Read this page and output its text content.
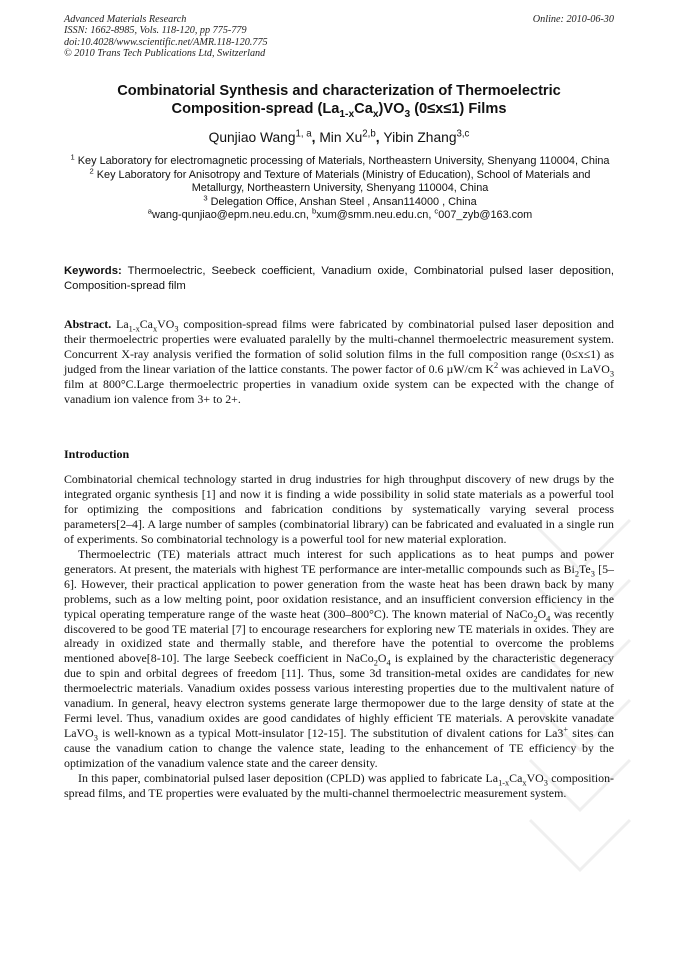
Advanced Materials Research
ISSN: 1662-8985, Vols. 118-120, pp 775-779
doi:10.4028/www.scientific.net/AMR.118-120.775
© 2010 Trans Tech Publications Ltd, Switzerland
Online: 2010-06-30
Combinatorial Synthesis and characterization of Thermoelectric
Composition-spread $(La_{1-x}Ca_x)VO_3$ (0≤x≤1) Films
Qunjiao Wang$^{1, a}$, Min Xu$^{2,b}$, Yibin Zhang$^{3,c}$

$^1$ Key Laboratory for electromagnetic processing of Materials, Northeastern University, Shenyang 110004, China

$^2$ Key Laboratory for Anisotropy and Texture of Materials (Ministry of Education), School of Materials and Metallurgy, Northeastern University, Shenyang 110004, China

$^3$ Delegation Office, Anshan Steel , Ansan114000 , China

$^a$wang-qunjiao@epm.neu.edu.cn, $^b$xum@smm.neu.edu.cn, $^c$007_zyb@163.com

Keywords: Thermoelectric, Seebeck coefficient, Vanadium oxide, Combinatorial pulsed laser deposition, Composition-spread film
Abstract. $La_{1-x}Ca_xVO_3$ composition-spread films were fabricated by combinatorial pulsed laser deposition and their thermoelectric properties were evaluated paralelly by the multi-channel thermoelectric measurement system. Concurrent X-ray analysis verified the formation of solid solution films in the full composition range (0≤x≤1) as judged from the linear variation of the lattice constants. The power factor of 0.6 µW/cm $K^2$ was achieved in LaVO$_3$ film at 800°C.Large thermoelectric properties in vanadium oxide system can be expected with the change of vanadium ion valence from 3+ to 2+.
Introduction

Combinatorial chemical technology started in drug industries for high throughput discovery of new drugs by the integrated organic synthesis [1] and now it is finding a wide possibility in solid state materials as a powerful tool for optimizing the compositions and fabrication conditions by systematically varying several process parameters[2–4]. A large number of samples (combinatorial library) can be fabricated and evaluated in a single run of experiments. So combinatorial technology is a powerful tool for new material exploration.

Thermoelectric (TE) materials attract much interest for such applications as to heat pumps and power generators. At present, the materials with highest TE performance are inter-metallic compounds such as $Bi_2Te_3$ [5–6]. However, their practical application to power generation from the waste heat has been drawn back by many problems, such as a low melting point, poor oxidation resistance, and an insufficient conversion efficiency in the typical operating temperature range of the waste heat (300–800°C). The known material of $NaCo_2O_4$ was recently discovered to be good TE material [7] to encourage researchers for exploring new TE materials in oxides. They are already in oxidized state and thermally stable, and therefore have the potential to overcome the problems mentioned above[8-10]. The large Seebeck coefficient in $NaCo_2O_4$ is explained by the characteristic degeneracy due to spin and orbital degrees of freedom [11]. Thus, some 3d transition-metal oxides are candidates for new thermoelectric materials. Vanadium oxides possess various interesting properties due to the multivalent nature of vanadium. In general, heavy electron systems generate large thermopower due to the large density of state at the Fermi level. Thus, vanadium oxides are good candidates of highly efficient TE materials. A perovskite vanadate LaVO$_3$ is well-known as a typical Mott-insulator [12-15]. The substitution of divalent cations for La3+ sites can cause the vanadium cation to change the valence state, leading to the enhancement of TE efficiency by the optimization of the vanadium valence state and the career density.

In this paper, combinatorial pulsed laser deposition (CPLD) was applied to fabricate $La_{1-x}Ca_xVO_3$ composition-spread films, and TE properties were evaluated by the multi-channel thermoelectric measurement system.
